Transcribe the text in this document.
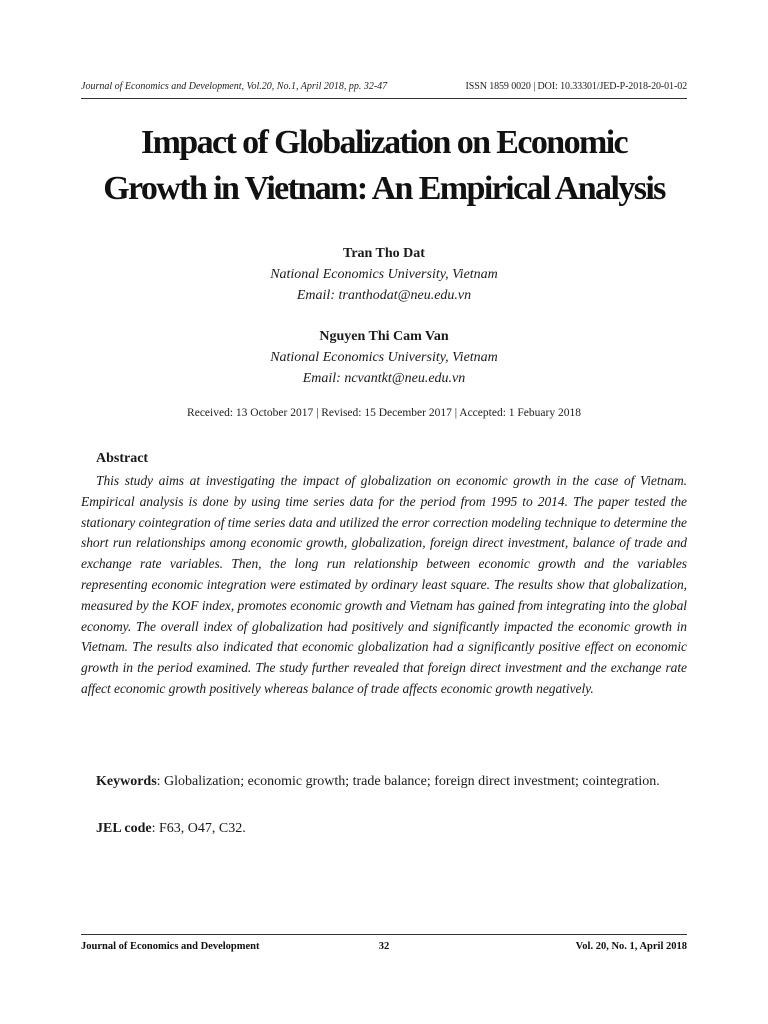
Journal of Economics and Development, Vol.20, No.1, April 2018, pp. 32-47	ISSN 1859 0020 | DOI: 10.33301/JED-P-2018-20-01-02
Impact of Globalization on Economic
Growth in Vietnam: An Empirical Analysis
Tran Tho Dat
National Economics University, Vietnam
Email: tranthodat@neu.edu.vn
Nguyen Thi Cam Van
National Economics University, Vietnam
Email: ncvantkt@neu.edu.vn
Received: 13 October 2017 | Revised: 15 December 2017 | Accepted: 1 Febuary 2018
Abstract

This study aims at investigating the impact of globalization on economic growth in the case of Vietnam. Empirical analysis is done by using time series data for the period from 1995 to 2014. The paper tested the stationary cointegration of time series data and utilized the error correction modeling technique to determine the short run relationships among economic growth, globalization, foreign direct investment, balance of trade and exchange rate variables. Then, the long run relationship between economic growth and the variables representing economic integration were estimated by ordinary least square. The results show that globalization, measured by the KOF index, promotes economic growth and Vietnam has gained from integrating into the global economy. The overall index of globalization had positively and significantly impacted the economic growth in Vietnam. The results also indicated that economic globalization had a significantly positive effect on economic growth in the period examined. The study further revealed that foreign direct investment and the exchange rate affect economic growth positively whereas balance of trade affects economic growth negatively.

Keywords: Globalization; economic growth; trade balance; foreign direct investment; cointegration.
JEL code: F63, O47, C32.
Journal of Economics and Development	32	Vol. 20, No. 1, April 2018
